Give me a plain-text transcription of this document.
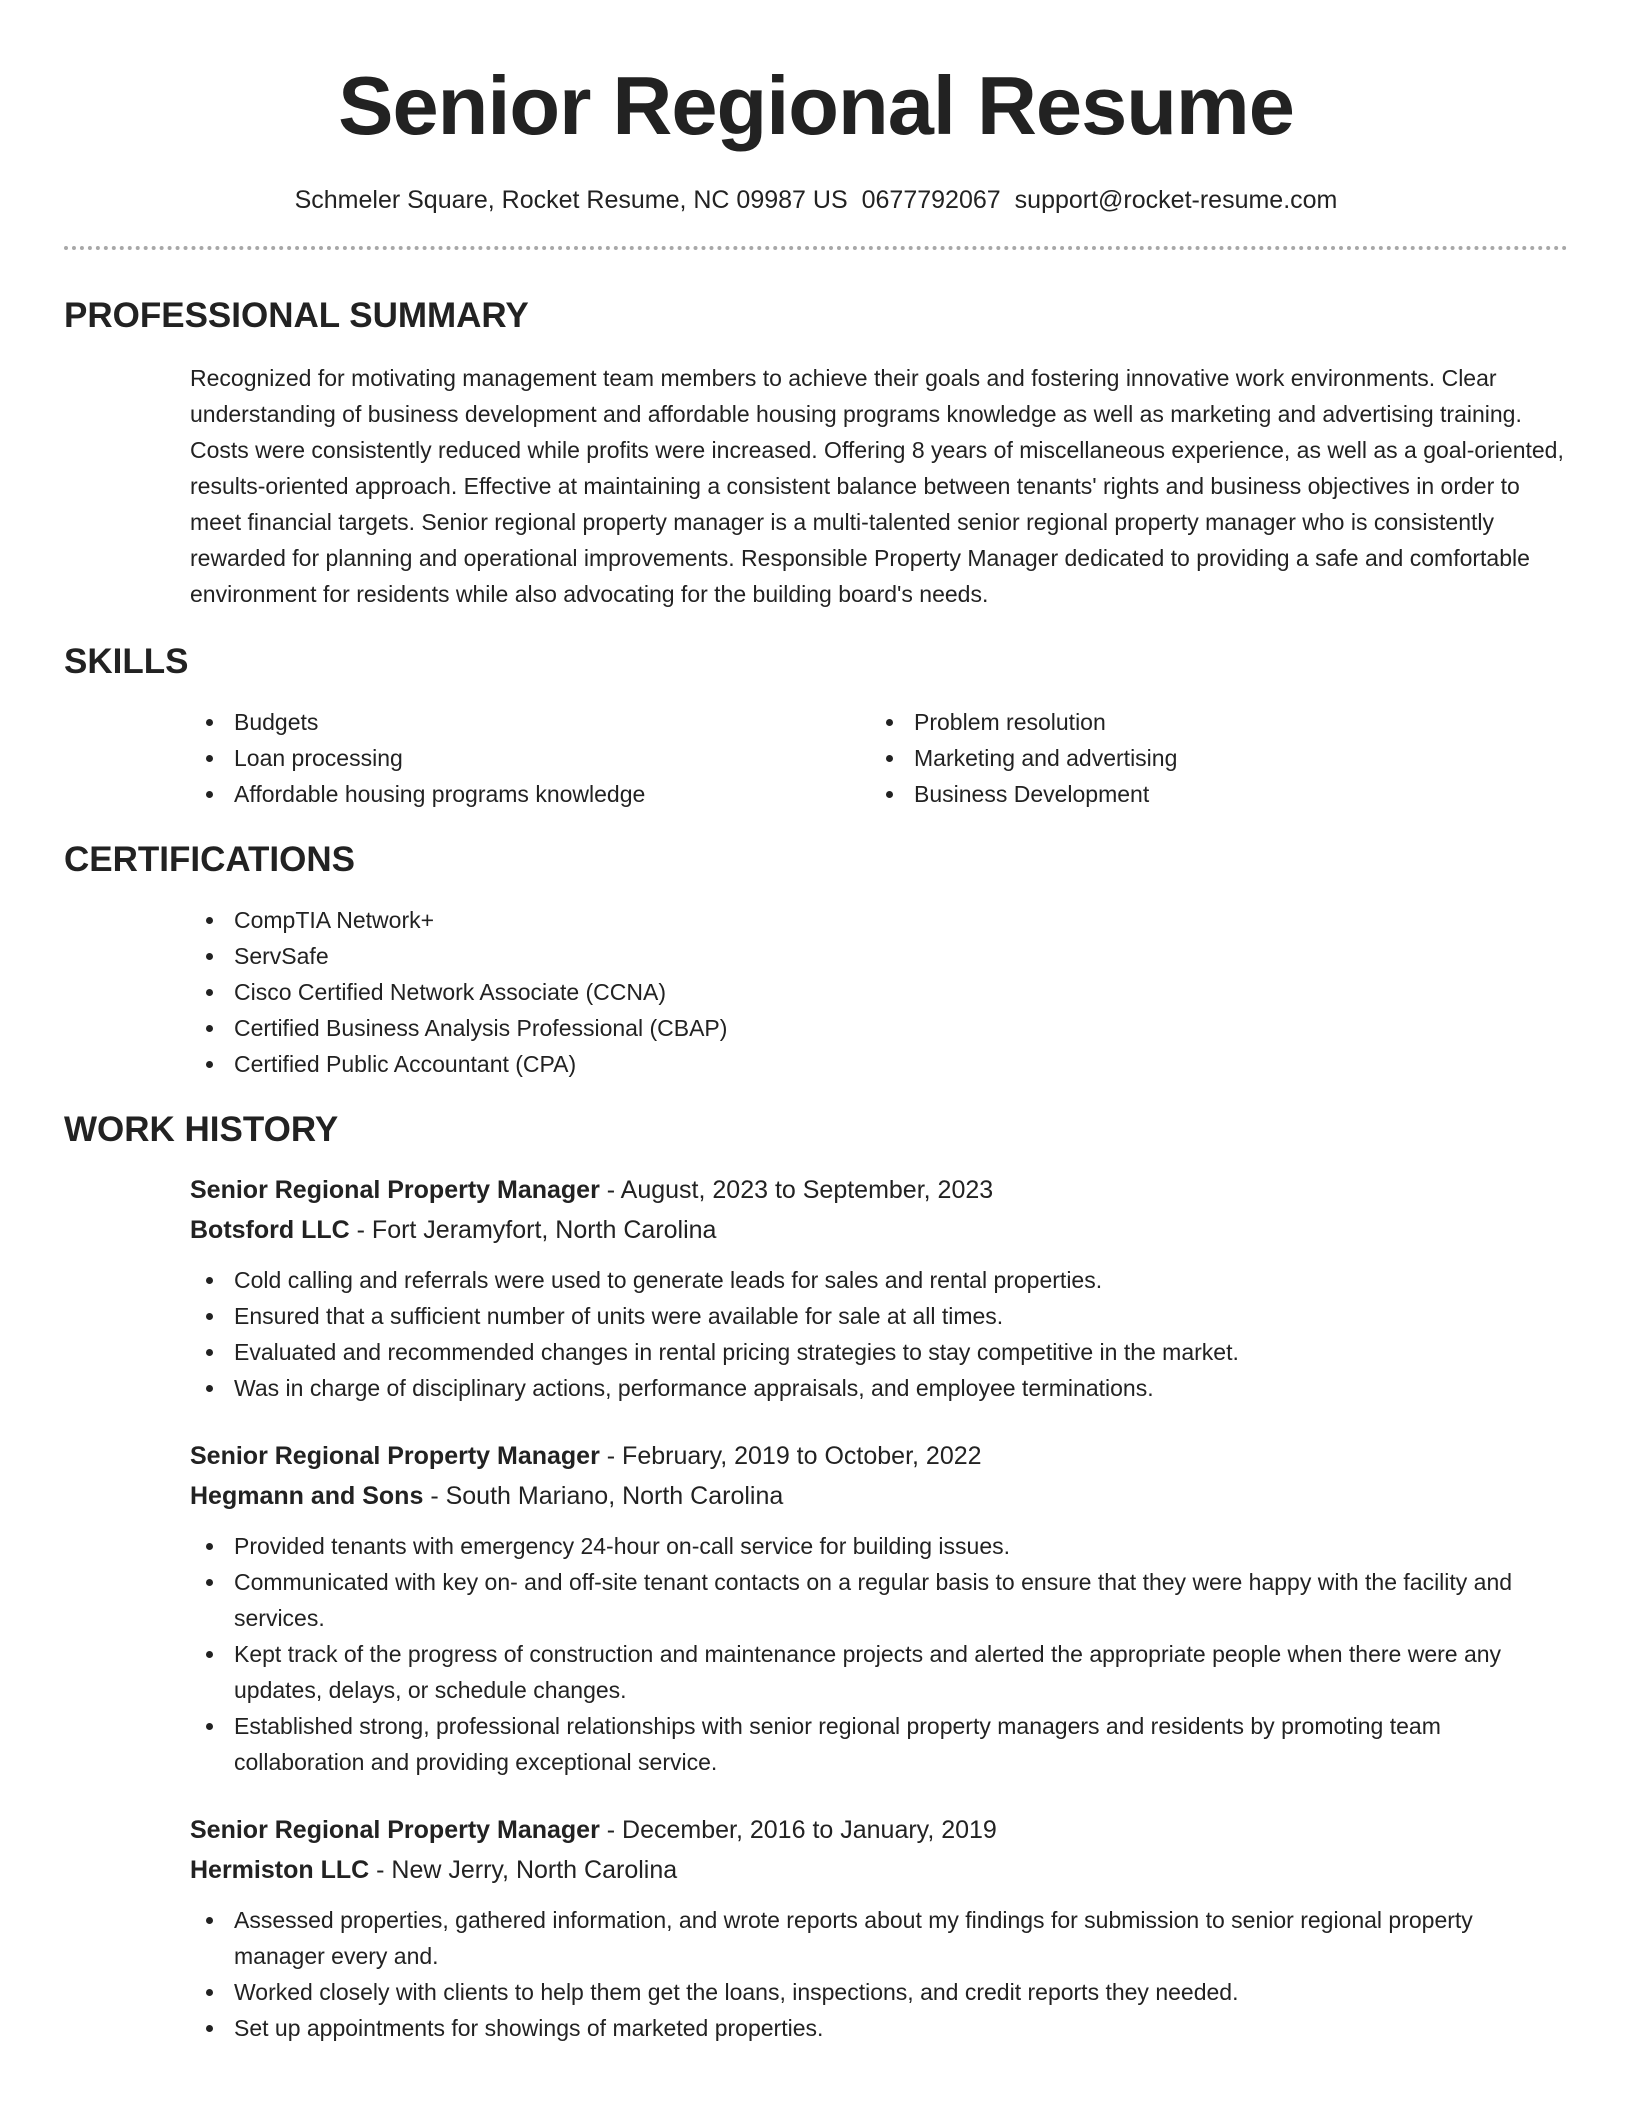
Senior Regional Resume
Schmeler Square, Rocket Resume, NC 09987 US 0677792067 support@rocket-resume.com
PROFESSIONAL SUMMARY

Recognized for motivating management team members to achieve their goals and fostering innovative work environments. Clear understanding of business development and affordable housing programs knowledge as well as marketing and advertising training. Costs were consistently reduced while profits were increased. Offering 8 years of miscellaneous experience, as well as a goal-oriented, results-oriented approach. Effective at maintaining a consistent balance between tenants' rights and business objectives in order to meet financial targets. Senior regional property manager is a multi-talented senior regional property manager who is consistently rewarded for planning and operational improvements. Responsible Property Manager dedicated to providing a safe and comfortable environment for residents while also advocating for the building board's needs.

SKILLS
Budgets
Loan processing
Affordable housing programs knowledge
Problem resolution
Marketing and advertising
Business Development
CERTIFICATIONS
CompTIA Network+
ServSafe
Cisco Certified Network Associate (CCNA)
Certified Business Analysis Professional (CBAP)
Certified Public Accountant (CPA)
WORK HISTORY
Senior Regional Property Manager - August, 2023 to September, 2023
Botsford LLC - Fort Jeramyfort, North Carolina
Cold calling and referrals were used to generate leads for sales and rental properties.
Ensured that a sufficient number of units were available for sale at all times.
Evaluated and recommended changes in rental pricing strategies to stay competitive in the market.
Was in charge of disciplinary actions, performance appraisals, and employee terminations.
Senior Regional Property Manager - February, 2019 to October, 2022
Hegmann and Sons - South Mariano, North Carolina
Provided tenants with emergency 24-hour on-call service for building issues.
Communicated with key on- and off-site tenant contacts on a regular basis to ensure that they were happy with the facility and services.
Kept track of the progress of construction and maintenance projects and alerted the appropriate people when there were any updates, delays, or schedule changes.
Established strong, professional relationships with senior regional property managers and residents by promoting team collaboration and providing exceptional service.
Senior Regional Property Manager - December, 2016 to January, 2019
Hermiston LLC - New Jerry, North Carolina
Assessed properties, gathered information, and wrote reports about my findings for submission to senior regional property manager every and.
Worked closely with clients to help them get the loans, inspections, and credit reports they needed.
Set up appointments for showings of marketed properties.
